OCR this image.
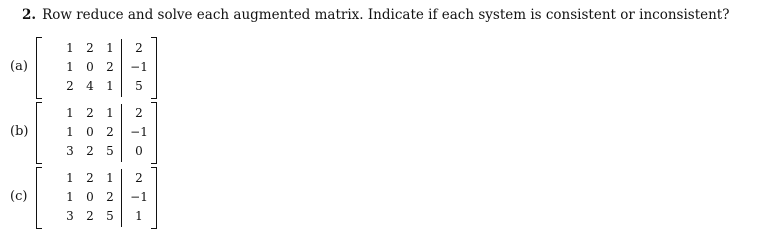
2. Row reduce and solve each augmented matrix. Indicate if each system is consistent or inconsistent?
(a)
1	2	1	2
1	0	2	−1
2	4	1	5
(b)
1	2	1	2
1	0	2	−1
3	2	5	0
(c)
1	2	1	2
1	0	2	−1
3	2	5	1
